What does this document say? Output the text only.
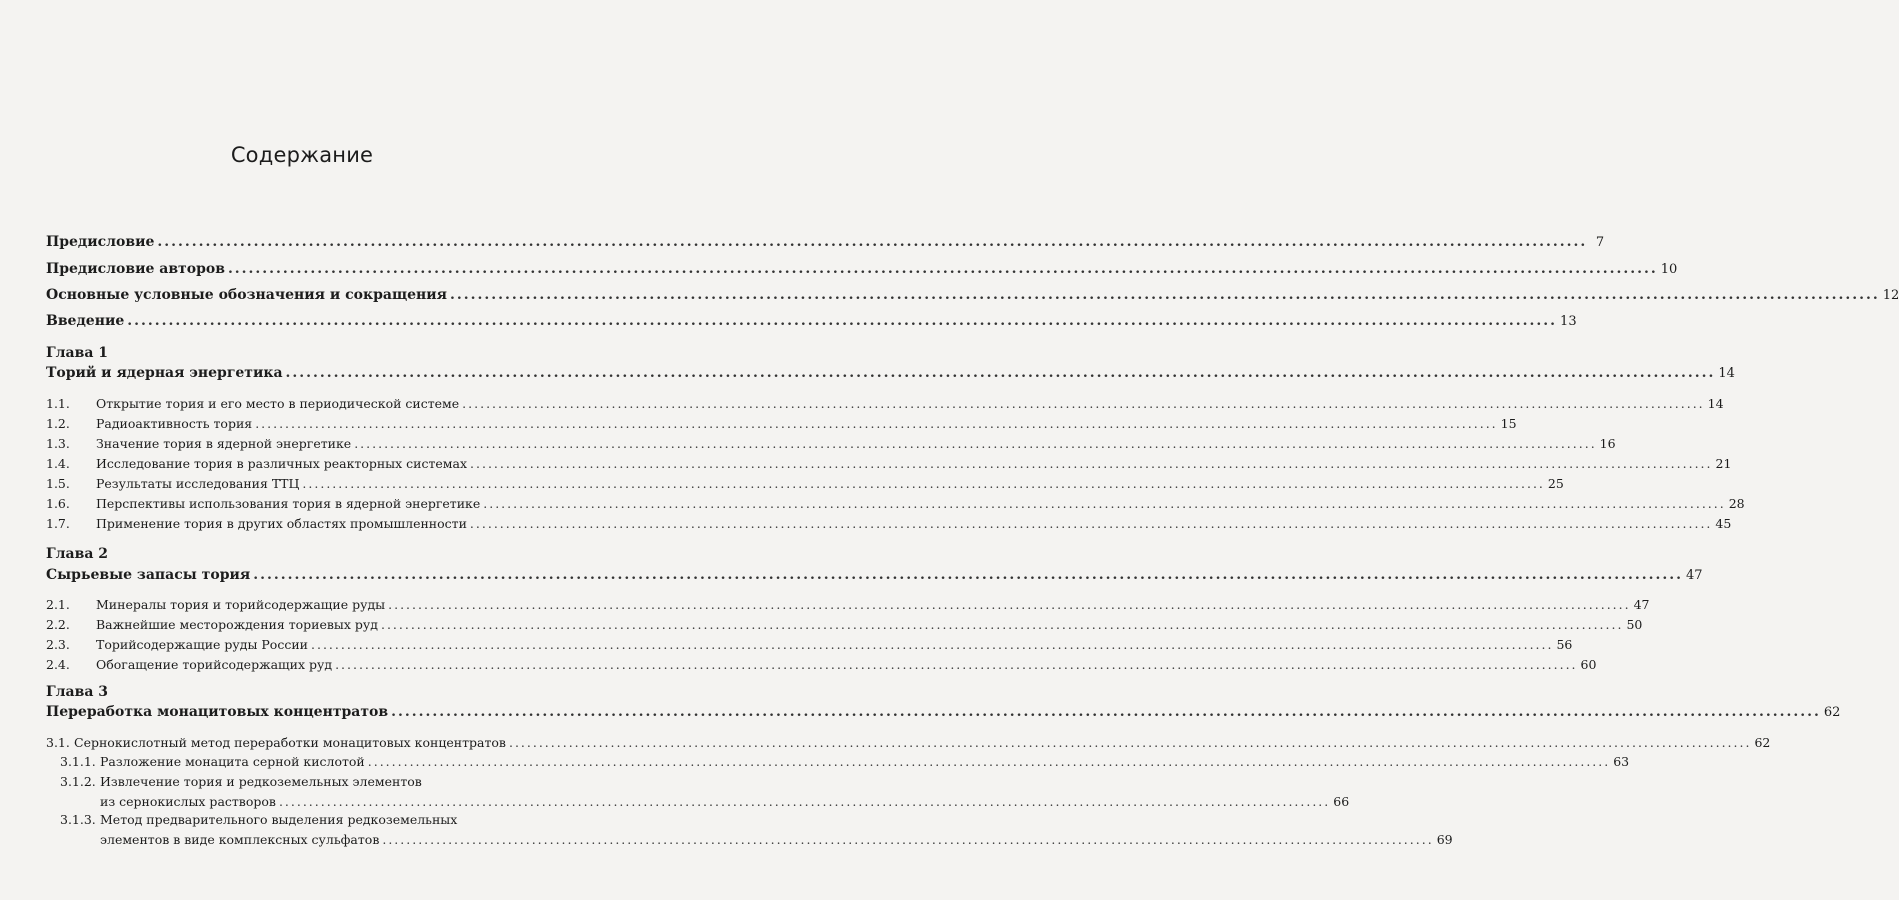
Содержание
Предисловие .....	7
Предисловие авторов .....	10
Основные условные обозначения и сокращения .....	12
Введение .....	13
Глава 1
Торий и ядерная энергетика .....	14
1.1. Открытие тория и его место в периодической системе .....	14
1.2. Радиоактивность тория .....	15
1.3. Значение тория в ядерной энергетике .....	16
1.4. Исследование тория в различных реакторных системах .....	21
1.5. Результаты исследования ТТЦ .....	25
1.6. Перспективы использования тория в ядерной энергетике .....	28
1.7. Применение тория в других областях промышленности .....	45
Глава 2
Сырьевые запасы тория .....	47
2.1. Минералы тория и торийсодержащие руды .....	47
2.2. Важнейшие месторождения ториевых руд .....	50
2.3. Торийсодержащие руды России .....	56
2.4. Обогащение торийсодержащих руд .....	60
Глава 3
Переработка монацитовых концентратов .....	62
3.1. Сернокислотный метод переработки монацитовых концентратов .....	62
3.1.1. Разложение монацита серной кислотой .....	63
3.1.2. Извлечение тория и редкоземельных элементов
из сернокислых растворов ................................................................................................................................................................................ 66
3.1.3. Метод предварительного выделения редкоземельных
элементов в виде комплексных сульфатов ................................................................................................................................................................................ 69
